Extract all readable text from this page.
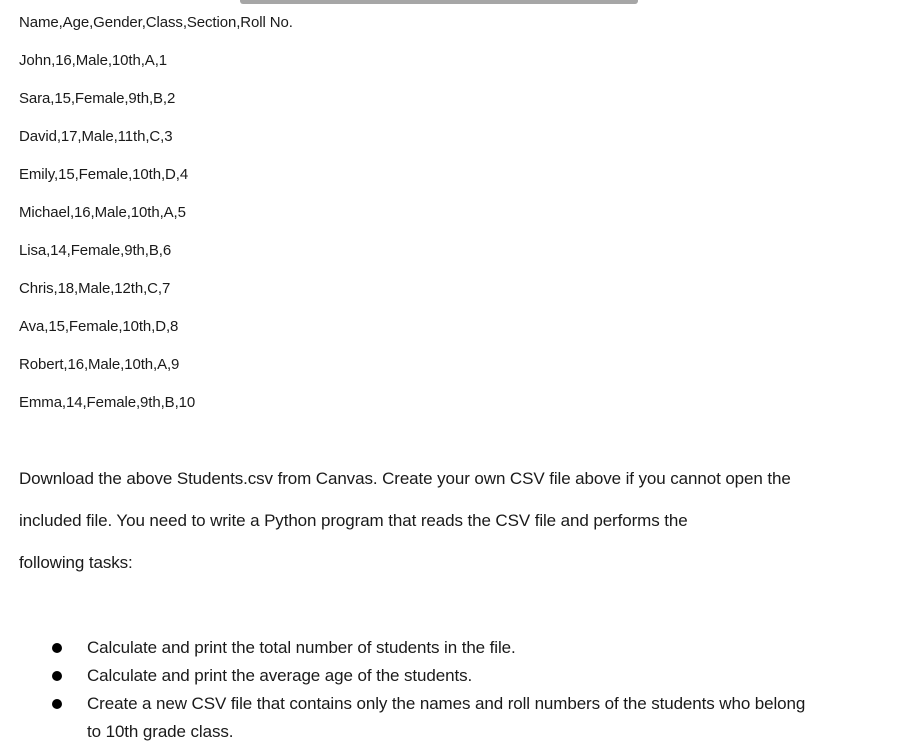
Name,Age,Gender,Class,Section,Roll No.
John,16,Male,10th,A,1
Sara,15,Female,9th,B,2
David,17,Male,11th,C,3
Emily,15,Female,10th,D,4
Michael,16,Male,10th,A,5
Lisa,14,Female,9th,B,6
Chris,18,Male,12th,C,7
Ava,15,Female,10th,D,8
Robert,16,Male,10th,A,9
Emma,14,Female,9th,B,10
Download the above Students.csv from Canvas. Create your own CSV file above if you cannot open the
included file. You need to write a Python program that reads the CSV file and performs the
following tasks:
Calculate and print the total number of students in the file.
Calculate and print the average age of the students.
Create a new CSV file that contains only the names and roll numbers of the students who belong
to 10th grade class.
